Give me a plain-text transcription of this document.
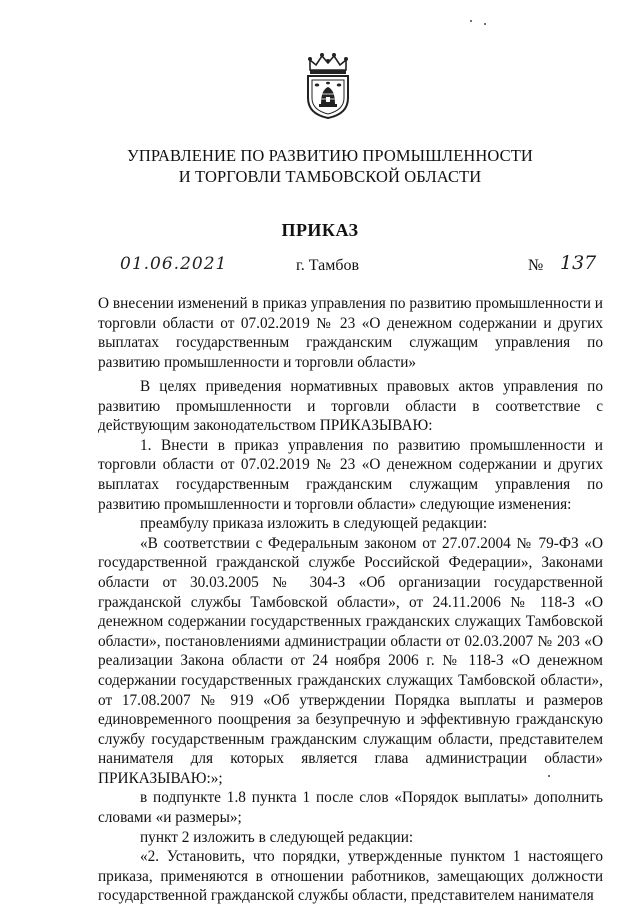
УПРАВЛЕНИЕ ПО РАЗВИТИЮ ПРОМЫШЛЕННОСТИ
И ТОРГОВЛИ ТАМБОВСКОЙ ОБЛАСТИ
ПРИКАЗ
01.06.2021	г. Тамбов	№ 137

О внесении изменений в приказ управления по развитию промышленности и торговли области от 07.02.2019 № 23 «О денежном содержании и других выплатах государственным гражданским служащим управления по развитию промышленности и торговли области»

В целях приведения нормативных правовых актов управления по развитию промышленности и торговли области в соответствие с действующим законодательством ПРИКАЗЫВАЮ:

1. Внести в приказ управления по развитию промышленности и торговли области от 07.02.2019 № 23 «О денежном содержании и других выплатах государственным гражданским служащим управления по развитию промышленности и торговли области» следующие изменения:

преамбулу приказа изложить в следующей редакции:

«В соответствии с Федеральным законом от 27.07.2004 № 79-ФЗ «О государственной гражданской службе Российской Федерации», Законами области от 30.03.2005 № 304-З «Об организации государственной гражданской службы Тамбовской области», от 24.11.2006 № 118-З «О денежном содержании государственных гражданских служащих Тамбовской области», постановлениями администрации области от 02.03.2007 № 203 «О реализации Закона области от 24 ноября 2006 г. № 118-З «О денежном содержании государственных гражданских служащих Тамбовской области», от 17.08.2007 № 919 «Об утверждении Порядка выплаты и размеров единовременного поощрения за безупречную и эффективную гражданскую службу государственным гражданским служащим области, представителем нанимателя для которых является глава администрации области» ПРИКАЗЫВАЮ:»;

в подпункте 1.8 пункта 1 после слов «Порядок выплаты» дополнить словами «и размеры»;

пункт 2 изложить в следующей редакции:

«2. Установить, что порядки, утвержденные пунктом 1 настоящего приказа, применяются в отношении работников, замещающих должности государственной гражданской службы области, представителем нанимателя
